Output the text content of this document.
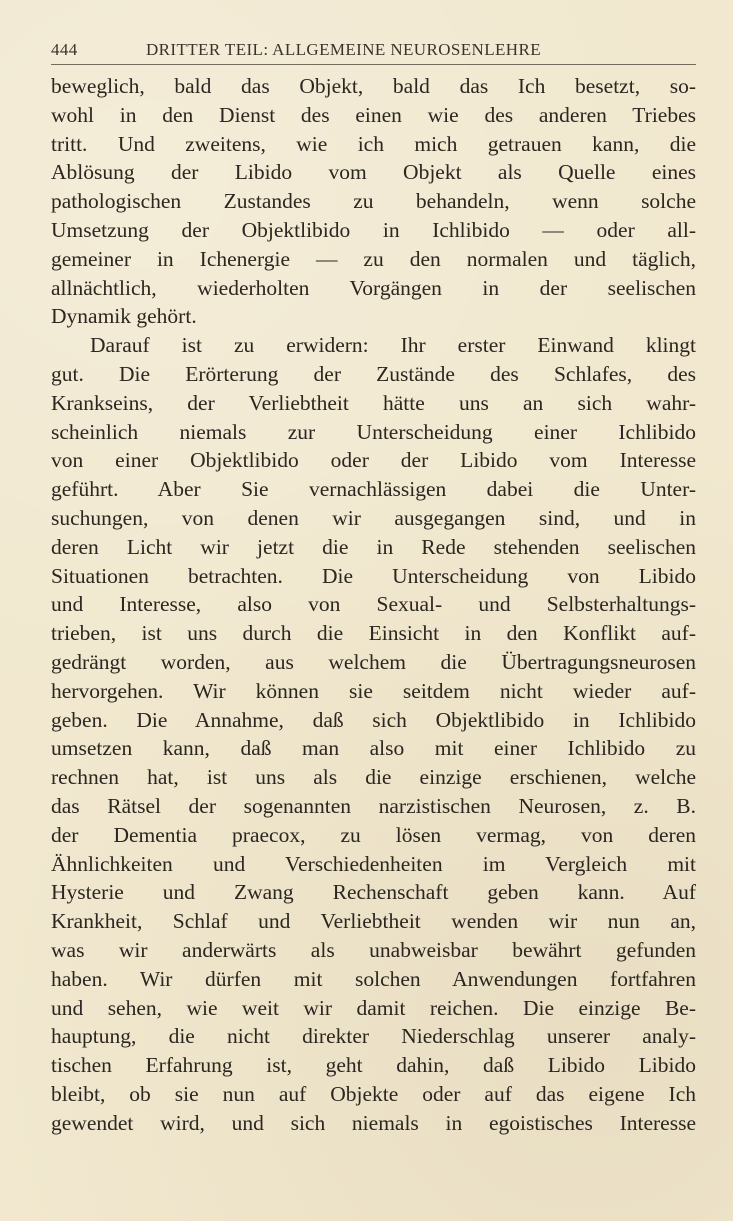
444	DRITTER TEIL: ALLGEMEINE NEUROSENLEHRE
beweglich, bald das Objekt, bald das Ich besetzt, so-
wohl in den Dienst des einen wie des anderen Triebes
tritt. Und zweitens, wie ich mich getrauen kann, die
Ablösung der Libido vom Objekt als Quelle eines
pathologischen Zustandes zu behandeln, wenn solche
Umsetzung der Objektlibido in Ichlibido — oder all-
gemeiner in Ichenergie — zu den normalen und täglich,
allnächtlich, wiederholten Vorgängen in der seelischen
Dynamik gehört.
Darauf ist zu erwidern: Ihr erster Einwand klingt
gut. Die Erörterung der Zustände des Schlafes, des
Krankseins, der Verliebtheit hätte uns an sich wahr-
scheinlich niemals zur Unterscheidung einer Ichlibido
von einer Objektlibido oder der Libido vom Interesse
geführt. Aber Sie vernachlässigen dabei die Unter-
suchungen, von denen wir ausgegangen sind, und in
deren Licht wir jetzt die in Rede stehenden seelischen
Situationen betrachten. Die Unterscheidung von Libido
und Interesse, also von Sexual- und Selbsterhaltungs-
trieben, ist uns durch die Einsicht in den Konflikt auf-
gedrängt worden, aus welchem die Übertragungsneurosen
hervorgehen. Wir können sie seitdem nicht wieder auf-
geben. Die Annahme, daß sich Objektlibido in Ichlibido
umsetzen kann, daß man also mit einer Ichlibido zu
rechnen hat, ist uns als die einzige erschienen, welche
das Rätsel der sogenannten narzistischen Neurosen, z. B.
der Dementia praecox, zu lösen vermag, von deren
Ähnlichkeiten und Verschiedenheiten im Vergleich mit
Hysterie und Zwang Rechenschaft geben kann. Auf
Krankheit, Schlaf und Verliebtheit wenden wir nun an,
was wir anderwärts als unabweisbar bewährt gefunden
haben. Wir dürfen mit solchen Anwendungen fortfahren
und sehen, wie weit wir damit reichen. Die einzige Be-
hauptung, die nicht direkter Niederschlag unserer analy-
tischen Erfahrung ist, geht dahin, daß Libido Libido
bleibt, ob sie nun auf Objekte oder auf das eigene Ich
gewendet wird, und sich niemals in egoistisches Interesse
